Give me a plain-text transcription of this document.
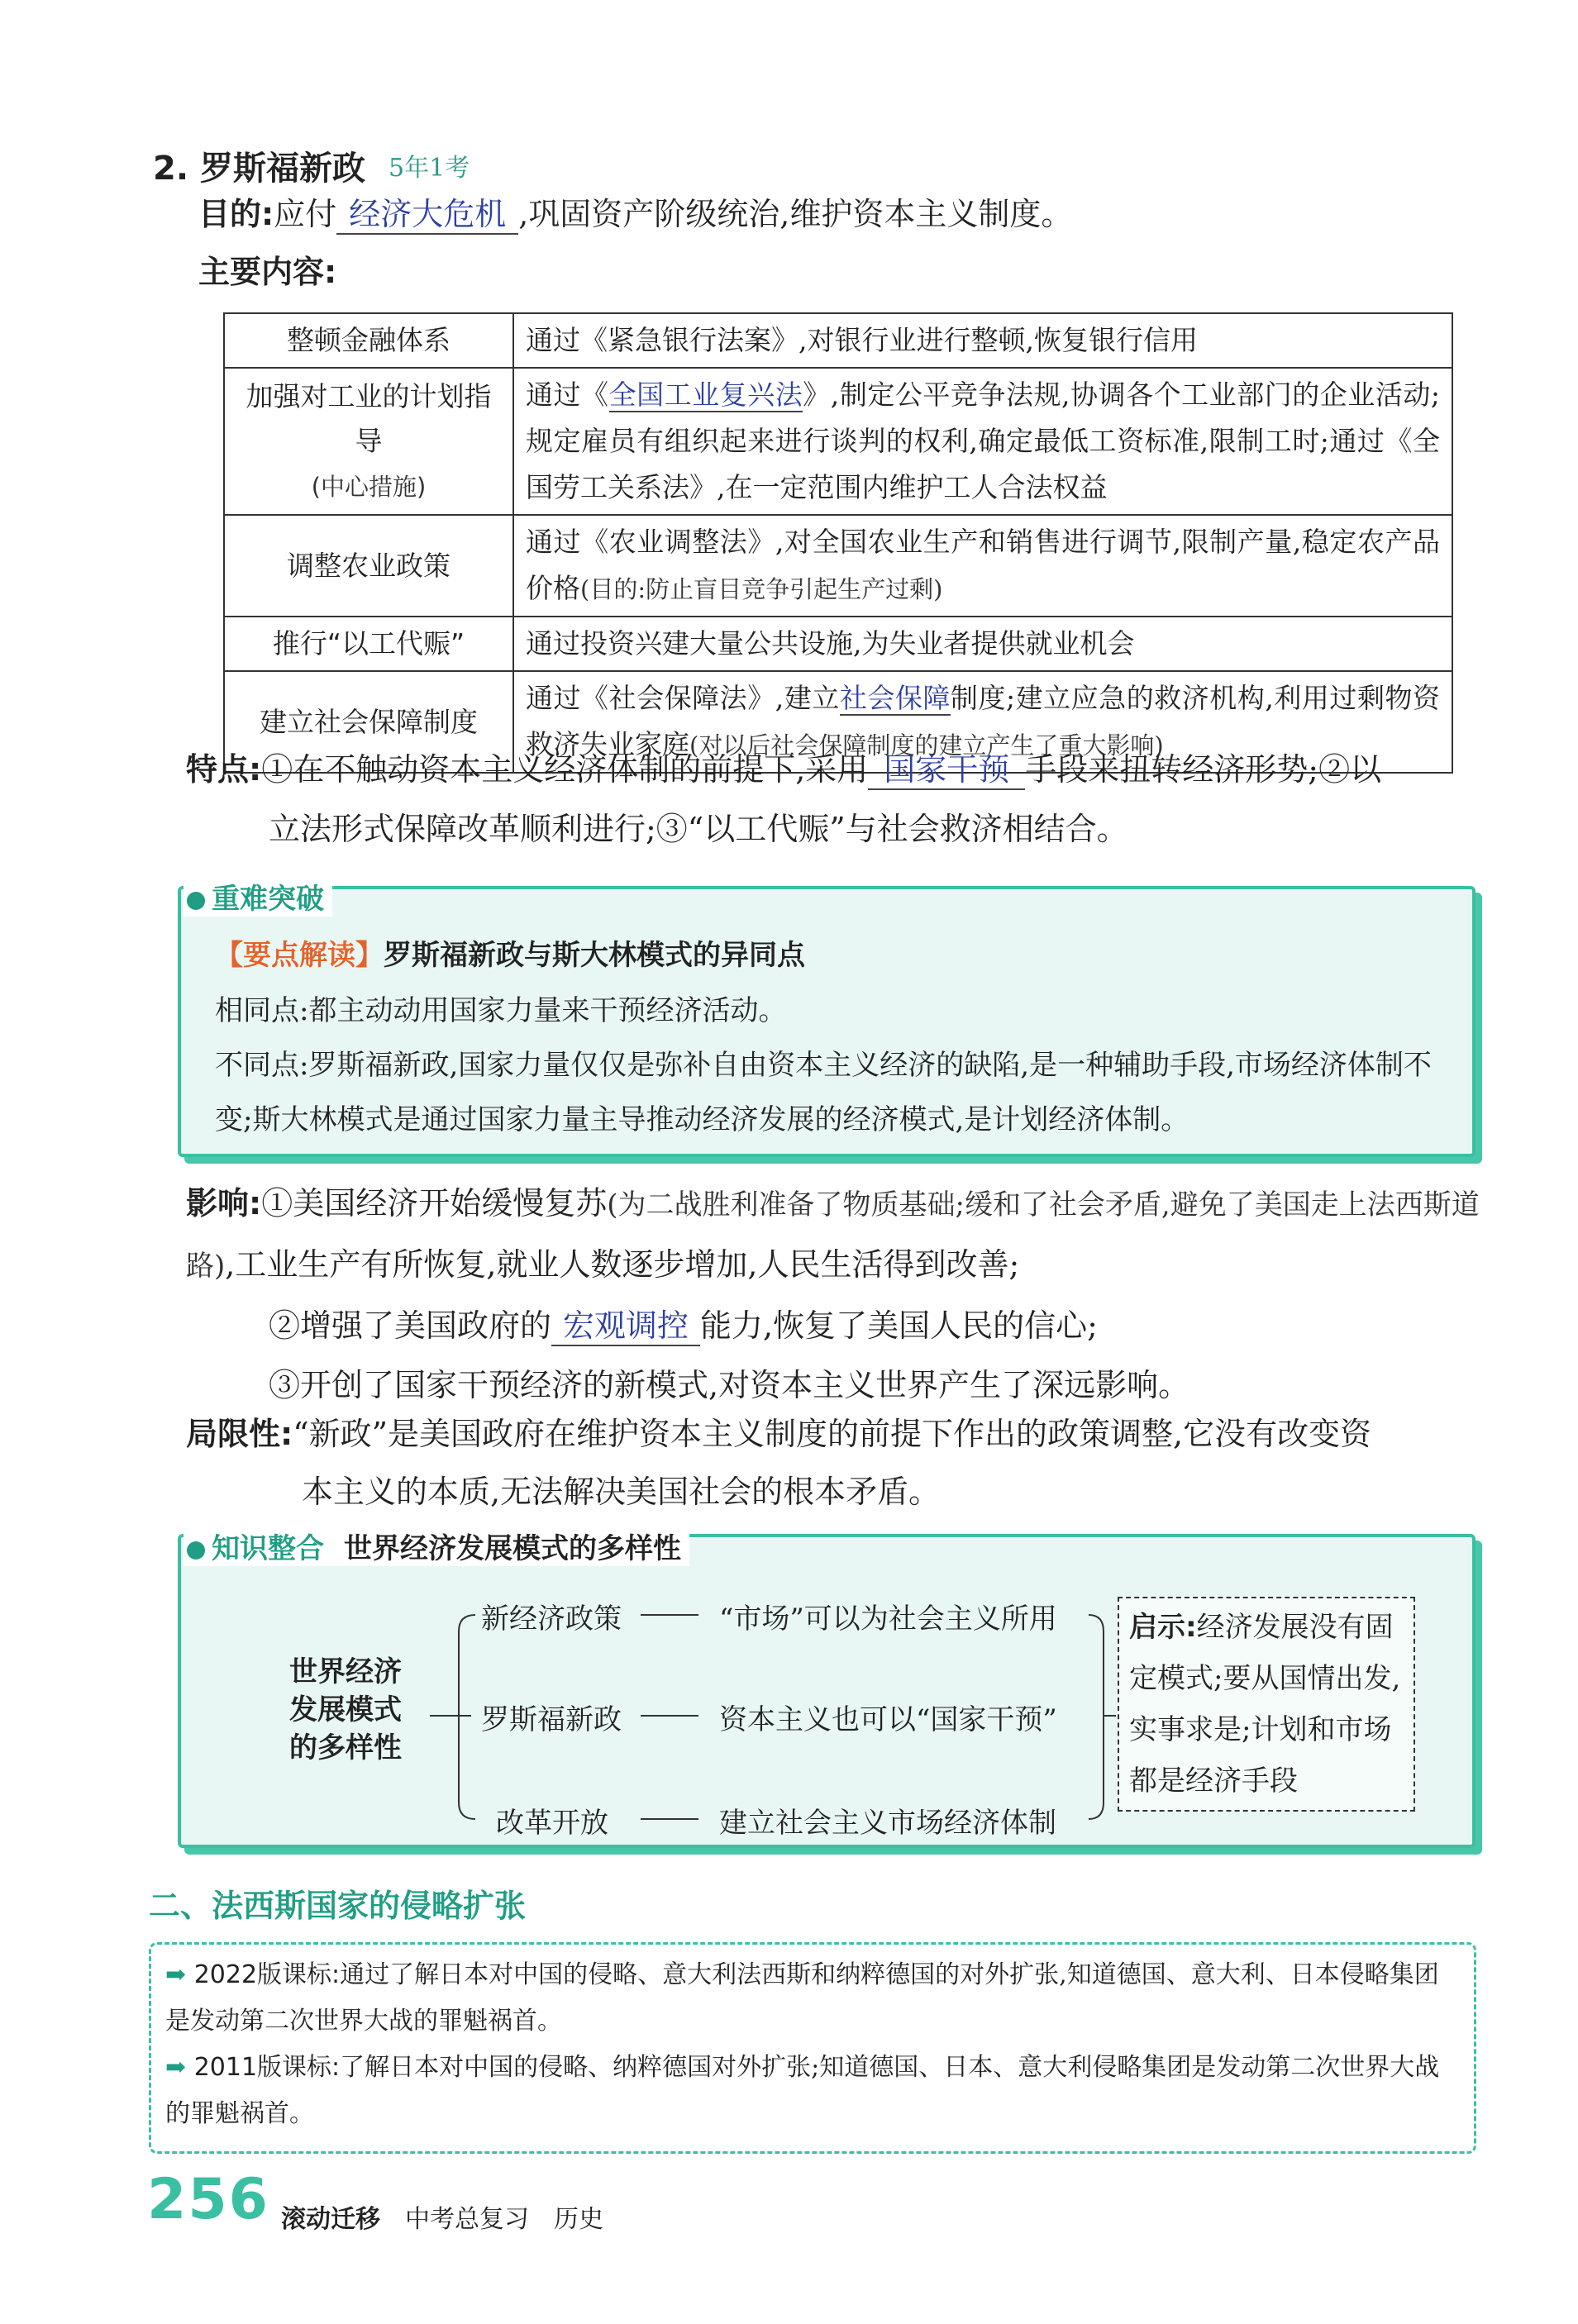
2. 罗斯福新政 5年1考
目的:应付 经济大危机 ,巩固资产阶级统治,维护资本主义制度。
主要内容:
整顿金融体系	通过《紧急银行法案》,对银行业进行整顿,恢复银行信用
加强对工业的计划指导
(中心措施)	通过《全国工业复兴法》,制定公平竞争法规,协调各个工业部门的企业活动;规定雇员有组织起来进行谈判的权利,确定最低工资标准,限制工时;通过《全国劳工关系法》,在一定范围内维护工人合法权益
调整农业政策	通过《农业调整法》,对全国农业生产和销售进行调节,限制产量,稳定农产品价格(目的:防止盲目竞争引起生产过剩)
推行“以工代赈”	通过投资兴建大量公共设施,为失业者提供就业机会
建立社会保障制度	通过《社会保障法》,建立社会保障制度;建立应急的救济机构,利用过剩物资救济失业家庭(对以后社会保障制度的建立产生了重大影响)
特点:①在不触动资本主义经济体制的前提下,采用 国家干预 手段来扭转经济形势;②以
立法形式保障改革顺利进行;③“以工代赈”与社会救济相结合。
重难突破
【要点解读】罗斯福新政与斯大林模式的异同点
相同点:都主动动用国家力量来干预经济活动。
不同点:罗斯福新政,国家力量仅仅是弥补自由资本主义经济的缺陷,是一种辅助手段,市场经济体制不变;斯大林模式是通过国家力量主导推动经济发展的经济模式,是计划经济体制。
影响:①美国经济开始缓慢复苏(为二战胜利准备了物质基础;缓和了社会矛盾,避免了美国走上法西斯道路),工业生产有所恢复,就业人数逐步增加,人民生活得到改善;
②增强了美国政府的 宏观调控 能力,恢复了美国人民的信心;
③开创了国家干预经济的新模式,对资本主义世界产生了深远影响。
局限性:“新政”是美国政府在维护资本主义制度的前提下作出的政策调整,它没有改变资
本主义的本质,无法解决美国社会的根本矛盾。
知识整合 世界经济发展模式的多样性
世界经济
发展模式
的多样性
新经济政策	“市场”可以为社会主义所用
罗斯福新政	资本主义也可以“国家干预”
改革开放	建立社会主义市场经济体制
启示:经济发展没有固定模式;要从国情出发,实事求是;计划和市场都是经济手段
二、法西斯国家的侵略扩张
➡ 2022版课标:通过了解日本对中国的侵略、意大利法西斯和纳粹德国的对外扩张,知道德国、意大利、日本侵略集团是发动第二次世界大战的罪魁祸首。
➡ 2011版课标:了解日本对中国的侵略、纳粹德国对外扩张;知道德国、日本、意大利侵略集团是发动第二次世界大战的罪魁祸首。
256 滚动迁移 中考总复习 历史
